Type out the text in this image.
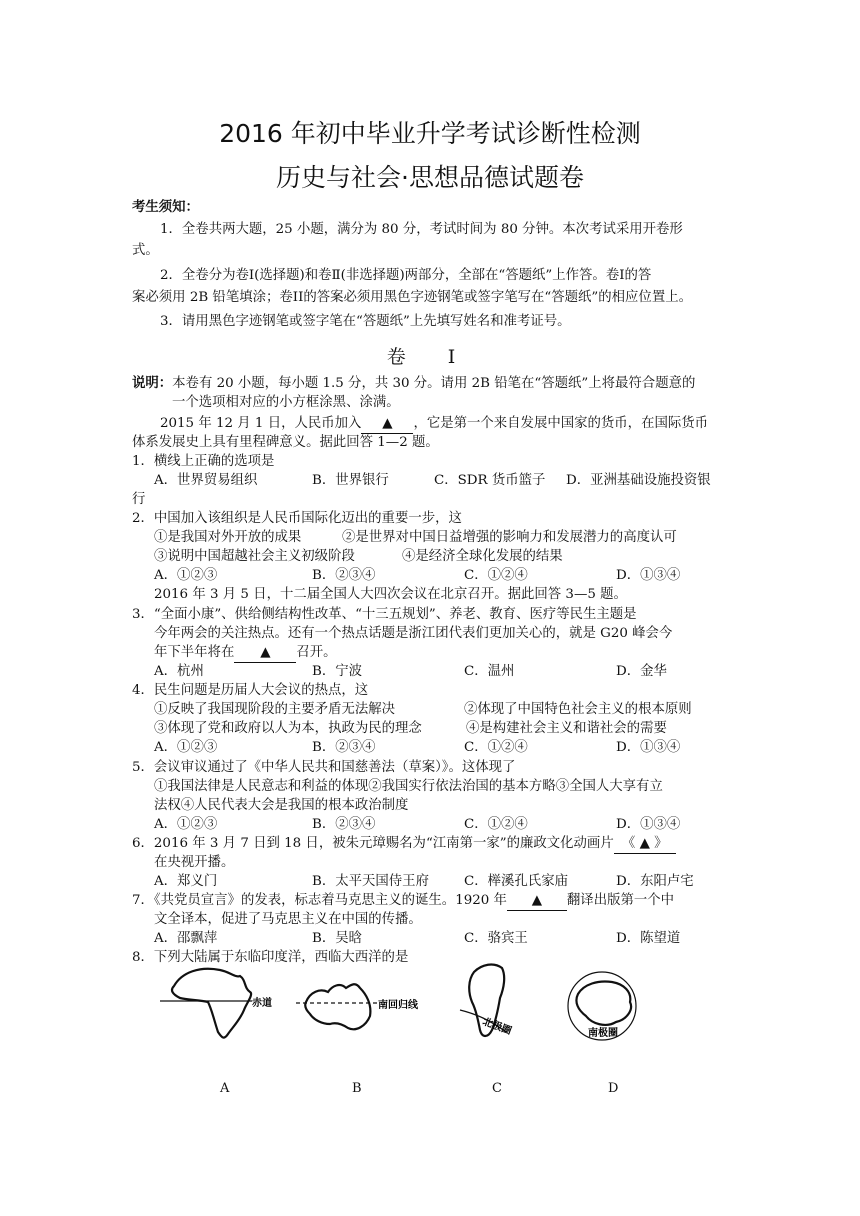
2016 年初中毕业升学考试诊断性检测
历史与社会·思想品德试题卷
考生须知：
1．全卷共两大题，25 小题，满分为 80 分，考试时间为 80 分钟。本次考试采用开卷形
式。
2．全卷分为卷I(选择题)和卷Ⅱ(非选择题)两部分，全部在“答题纸”上作答。卷I的答
案必须用 2B 铅笔填涂；卷II的答案必须用黑色字迹钢笔或签字笔写在“答题纸”的相应位置上。
3．请用黑色字迹钢笔或签字笔在“答题纸”上先填写姓名和准考证号。
卷 Ⅰ
说明：本卷有 20 小题，每小题 1.5 分，共 30 分。请用 2B 铅笔在“答题纸”上将最符合题意的
一个选项相对应的小方框涂黑、涂满。
2015 年 12 月 1 日，人民币加入 ▲ ，它是第一个来自发展中国家的货币，在国际货币
体系发展史上具有里程碑意义。据此回答 1—2 题。
1．横线上正确的选项是
A．世界贸易组织	B．世界银行	C．SDR 货币篮子 D．亚洲基础设施投资银
行
2．中国加入该组织是人民币国际化迈出的重要一步，这
①是我国对外开放的成果	②是世界对中国日益增强的影响力和发展潜力的高度认可
③说明中国超越社会主义初级阶段	④是经济全球化发展的结果
A．①②③	B．②③④	C．①②④	D．①③④
2016 年 3 月 5 日，十二届全国人大四次会议在北京召开。据此回答 3—5 题。
3．“全面小康”、供给侧结构性改革、“十三五规划”、养老、教育、医疗等民生主题是
今年两会的关注热点。还有一个热点话题是浙江团代表们更加关心的，就是 G20 峰会今
年下半年将在 ▲ 召开。
A．杭州	B．宁波	C．温州	D．金华
4．民生问题是历届人大会议的热点，这
①反映了我国现阶段的主要矛盾无法解决	②体现了中国特色社会主义的根本原则
③体现了党和政府以人为本，执政为民的理念	④是构建社会主义和谐社会的需要
A．①②③	B．②③④	C．①②④	D．①③④
5．会议审议通过了《中华人民共和国慈善法（草案）》。这体现了
①我国法律是人民意志和利益的体现②我国实行依法治国的基本方略③全国人大享有立
法权④人民代表大会是我国的根本政治制度
A．①②③	B．②③④	C．①②④	D．①③④
6．2016 年 3 月 7 日到 18 日，被朱元璋赐名为“江南第一家”的廉政文化动画片 《 ▲ 》
在央视开播。
A．郑义门	B．太平天国侍王府	C．榉溪孔氏家庙	D．东阳卢宅
7．《共党员宣言》的发表，标志着马克思主义的诞生。1920 年 ▲ 翻译出版第一个中
文全译本，促进了马克思主义在中国的传播。
A．邵飘萍	B．吴晗	C．骆宾王	D．陈望道
8．下列大陆属于东临印度洋，西临大西洋的是
赤道	南回归线
北极圈	南极圈
A	B	C	D
